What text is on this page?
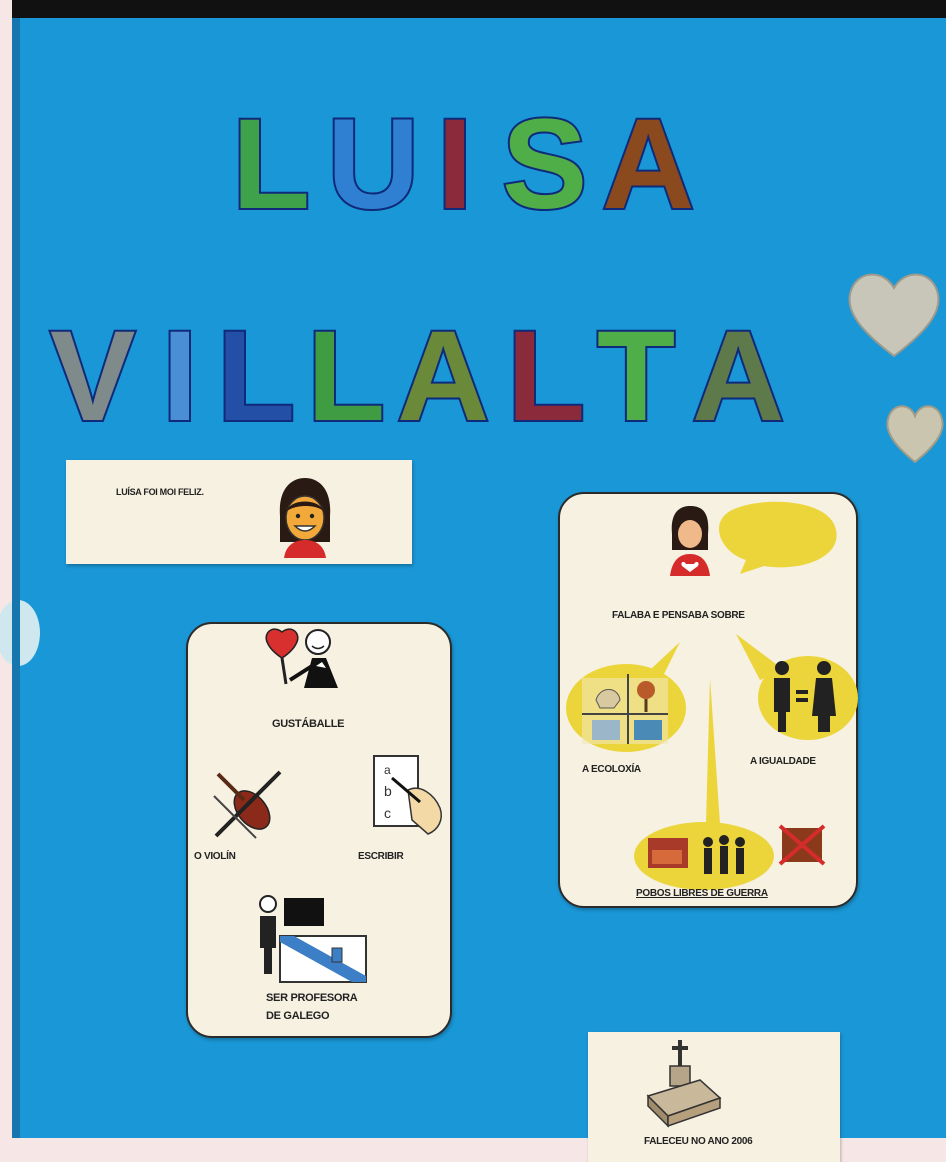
L U I S A
V I L L A L T A
LUÍSA FOI MOI FELIZ.
GUSTÁBALLE
O VIOLÍN
a
b
c
ESCRIBIR
SER PROFESORA
DE GALEGO
FALABA E PENSABA SOBRE
A ECOLOXÍA
A IGUALDADE
POBOS LIBRES DE GUERRA
FALECEU NO ANO 2006
